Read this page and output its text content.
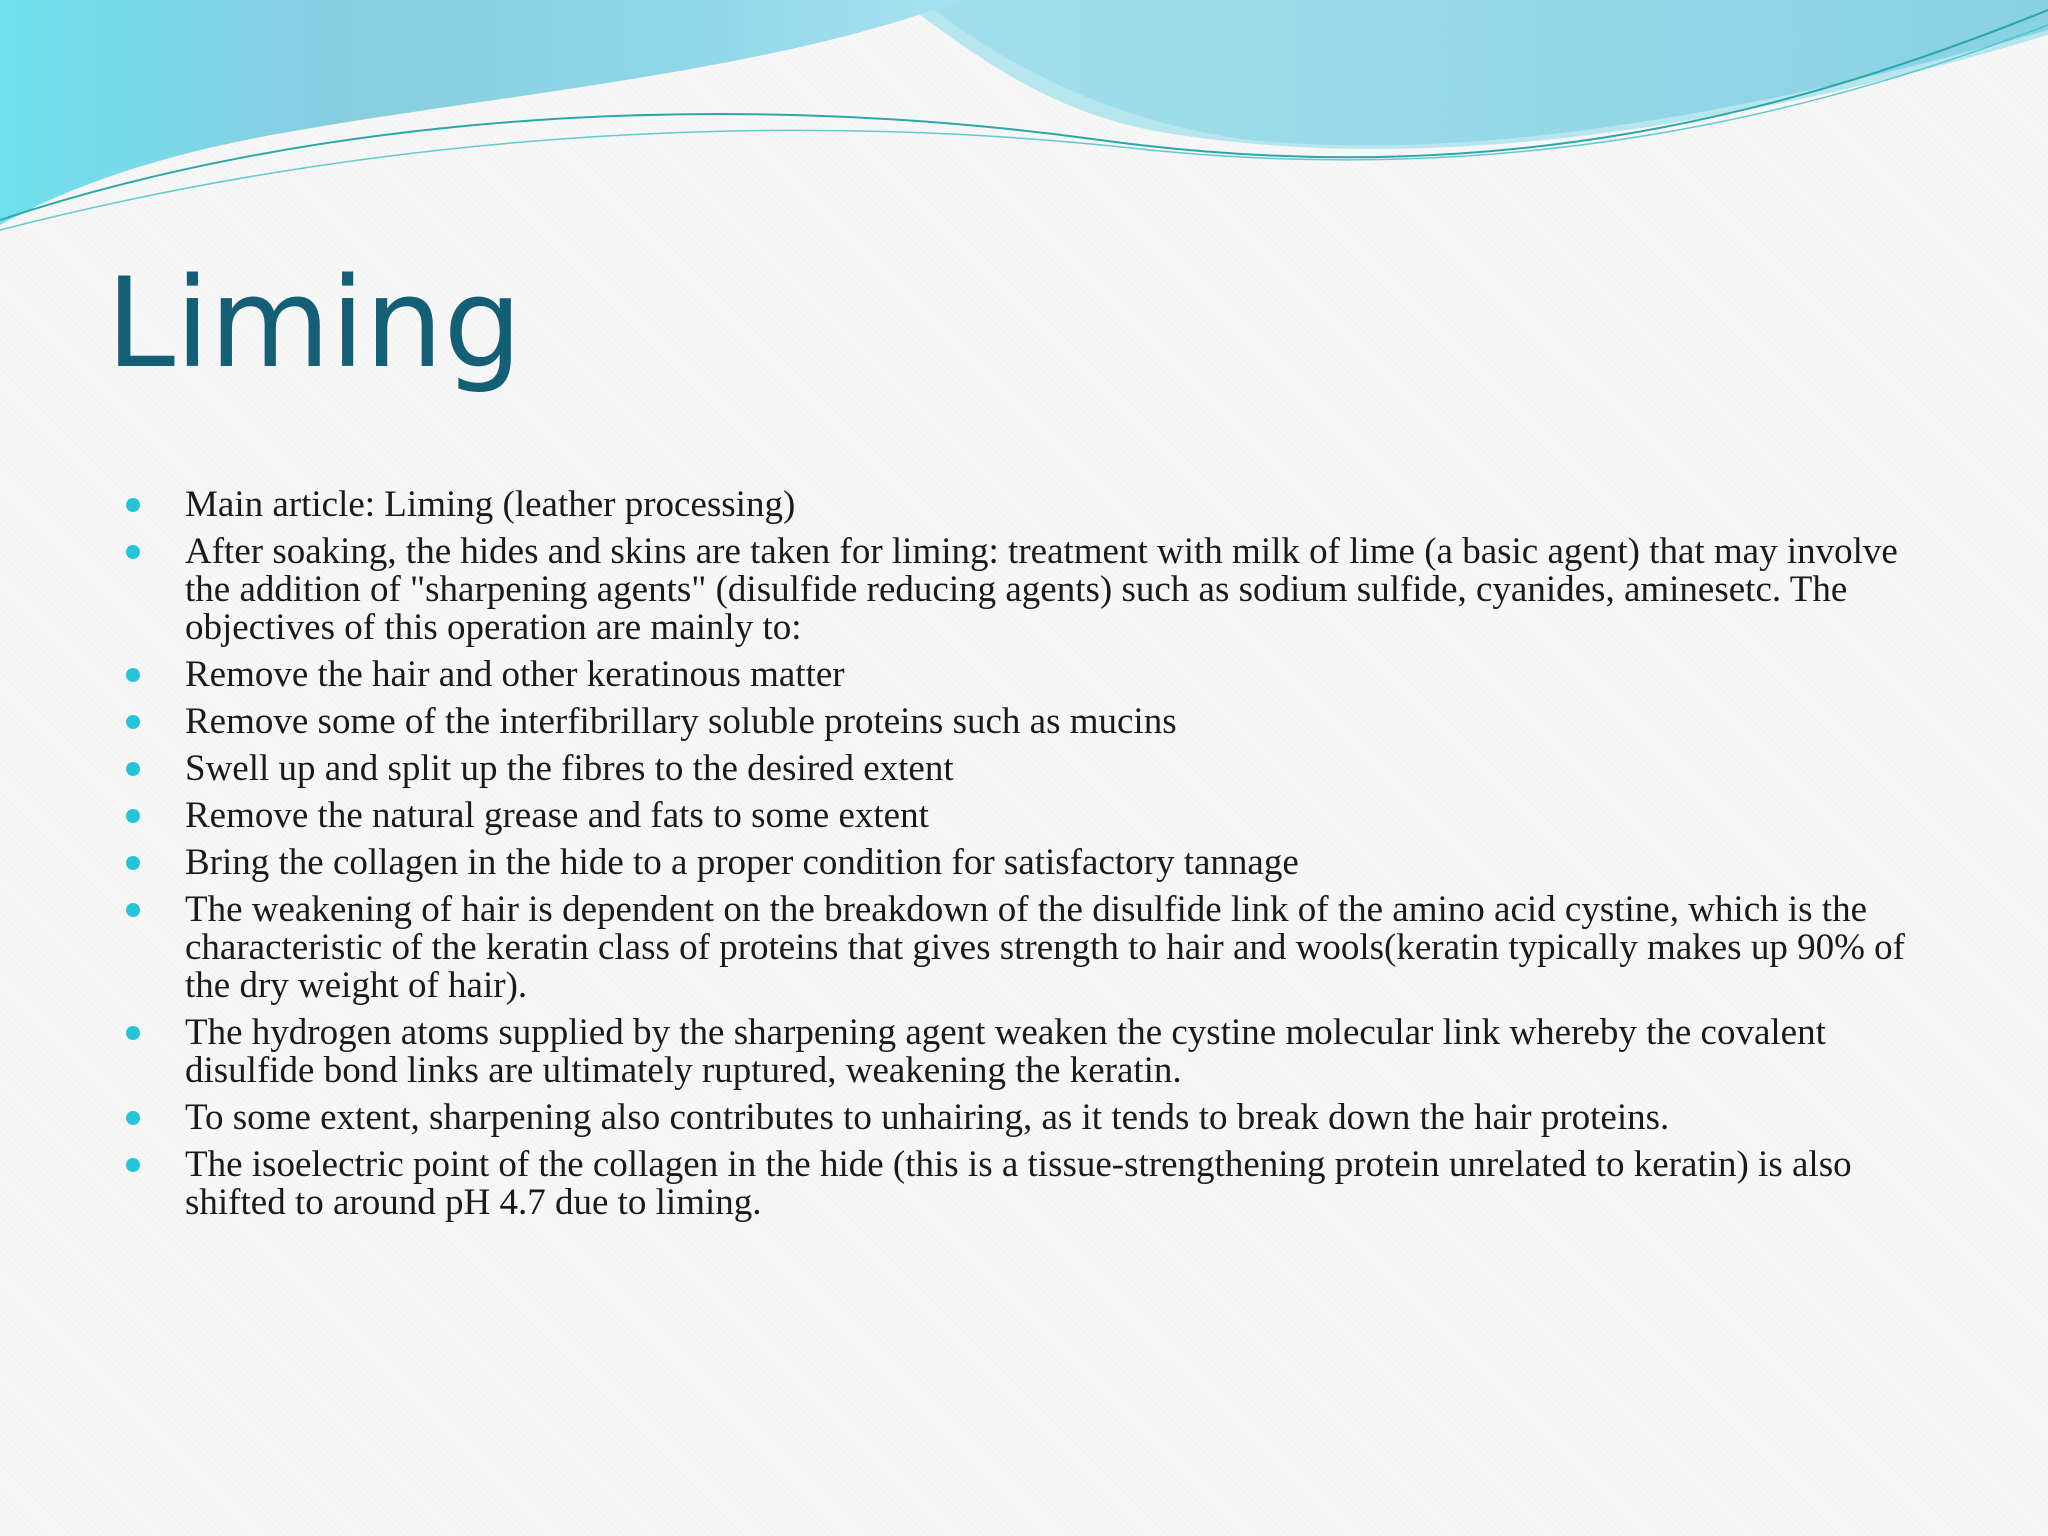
Liming
Main article: Liming (leather processing)
After soaking, the hides and skins are taken for liming: treatment with milk of lime (a basic agent) that may involve the addition of "sharpening agents" (disulfide reducing agents) such as sodium sulfide, cyanides, aminesetc. The objectives of this operation are mainly to:
Remove the hair and other keratinous matter
Remove some of the interfibrillary soluble proteins such as mucins
Swell up and split up the fibres to the desired extent
Remove the natural grease and fats to some extent
Bring the collagen in the hide to a proper condition for satisfactory tannage
The weakening of hair is dependent on the breakdown of the disulfide link of the amino acid cystine, which is the characteristic of the keratin class of proteins that gives strength to hair and wools(keratin typically makes up 90% of the dry weight of hair).
The hydrogen atoms supplied by the sharpening agent weaken the cystine molecular link whereby the covalent disulfide bond links are ultimately ruptured, weakening the keratin.
To some extent, sharpening also contributes to unhairing, as it tends to break down the hair proteins.
The isoelectric point of the collagen in the hide (this is a tissue-strengthening protein unrelated to keratin) is also shifted to around pH 4.7 due to liming.
